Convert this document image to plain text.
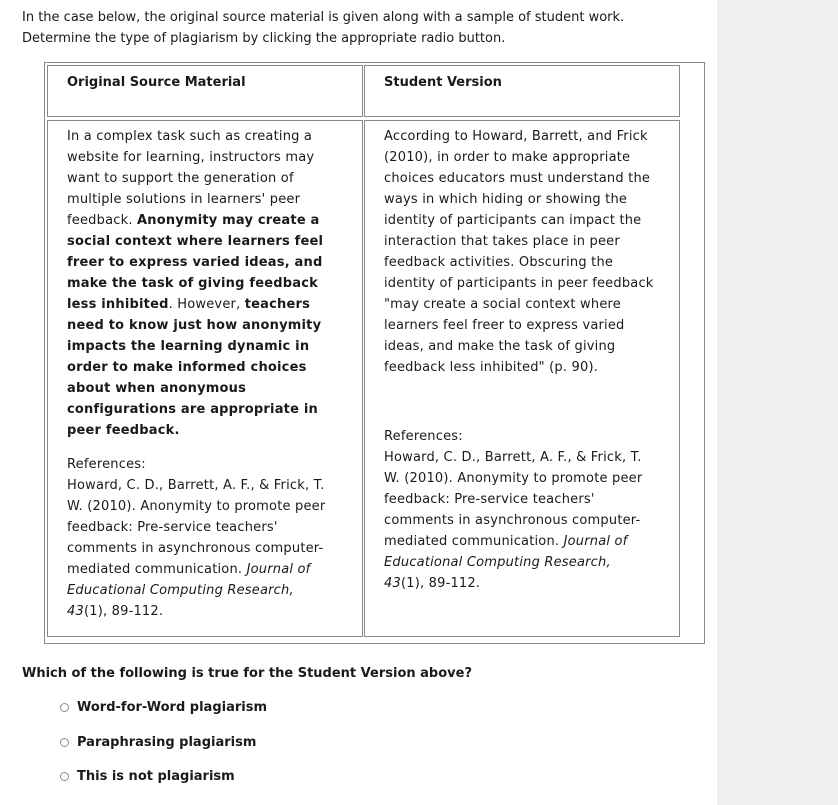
In the case below, the original source material is given along with a sample of student work.
Determine the type of plagiarism by clicking the appropriate radio button.
Original Source Material	Student Version

In a complex task such as creating a website for learning, instructors may want to support the generation of multiple solutions in learners' peer feedback. Anonymity may create a social context where learners feel freer to express varied ideas, and make the task of giving feedback less inhibited. However, teachers need to know just how anonymity impacts the learning dynamic in order to make informed choices about when anonymous configurations are appropriate in peer feedback.

References:

Howard, C. D., Barrett, A. F., & Frick, T. W. (2010). Anonymity to promote peer feedback: Pre-service teachers' comments in asynchronous computer-mediated communication. Journal of Educational Computing Research, 43(1), 89-112.

According to Howard, Barrett, and Frick (2010), in order to make appropriate choices educators must understand the ways in which hiding or showing the identity of participants can impact the interaction that takes place in peer feedback activities. Obscuring the identity of participants in peer feedback "may create a social context where learners feel freer to express varied ideas, and make the task of giving feedback less inhibited" (p. 90).

References:

Howard, C. D., Barrett, A. F., & Frick, T. W. (2010). Anonymity to promote peer feedback: Pre-service teachers' comments in asynchronous computer-mediated communication. Journal of Educational Computing Research, 43(1), 89-112.

Which of the following is true for the Student Version above?
Word-for-Word plagiarism
Paraphrasing plagiarism
This is not plagiarism
